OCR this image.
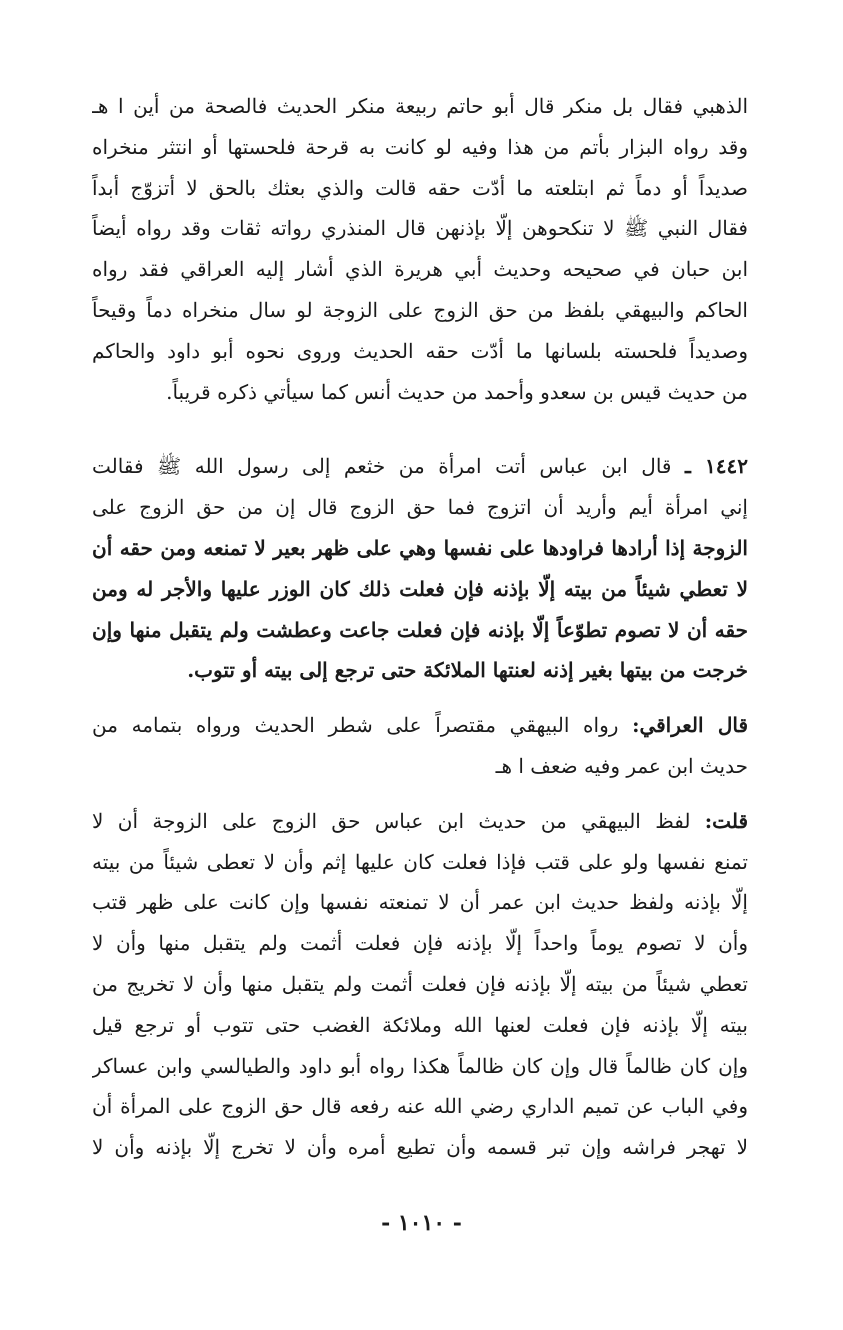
الذهبي فقال بل منكر قال أبو حاتم ربيعة منكر الحديث فالصحة من أين ا هـ
وقد رواه البزار بأتم من هذا وفيه لو كانت به قرحة فلحستها أو انتثر منخراه
صديداً أو دماً ثم ابتلعته ما أدّت حقه قالت والذي بعثك بالحق لا أتزوّج أبداً
فقال النبي ﷺ لا تنكحوهن إلّا بإذنهن قال المنذري رواته ثقات وقد رواه أيضاً
ابن حبان في صحيحه وحديث أبي هريرة الذي أشار إليه العراقي فقد رواه
الحاكم والبيهقي بلفظ من حق الزوج على الزوجة لو سال منخراه دماً وقيحاً
وصديداً فلحسته بلسانها ما أدّت حقه الحديث وروى نحوه أبو داود والحاكم
من حديث قيس بن سعدو وأحمد من حديث أنس كما سيأتي ذكره قريباً.
١٤٤٢ ـ قال ابن عباس أتت امرأة من خثعم إلى رسول الله ﷺ فقالت
إني امرأة أيم وأريد أن اتزوج فما حق الزوج قال إن من حق الزوج على
الزوجة إذا أرادها فراودها على نفسها وهي على ظهر بعير لا تمنعه ومن حقه أن
لا تعطي شيئاً من بيته إلّا بإذنه فإن فعلت ذلك كان الوزر عليها والأجر له ومن
حقه أن لا تصوم تطوّعاً إلّا بإذنه فإن فعلت جاعت وعطشت ولم يتقبل منها وإن
خرجت من بيتها بغير إذنه لعنتها الملائكة حتى ترجع إلى بيته أو تتوب.
قال العراقي: رواه البيهقي مقتصراً على شطر الحديث ورواه بتمامه من
حديث ابن عمر وفيه ضعف ا هـ
قلت: لفظ البيهقي من حديث ابن عباس حق الزوج على الزوجة أن لا
تمنع نفسها ولو على قتب فإذا فعلت كان عليها إثم وأن لا تعطى شيئاً من بيته
إلّا بإذنه ولفظ حديث ابن عمر أن لا تمنعته نفسها وإن كانت على ظهر قتب
وأن لا تصوم يوماً واحداً إلّا بإذنه فإن فعلت أثمت ولم يتقبل منها وأن لا
تعطي شيئاً من بيته إلّا بإذنه فإن فعلت أثمت ولم يتقبل منها وأن لا تخريج من
بيته إلّا بإذنه فإن فعلت لعنها الله وملائكة الغضب حتى تتوب أو ترجع قيل
وإن كان ظالماً قال وإن كان ظالماً هكذا رواه أبو داود والطيالسي وابن عساكر
وفي الباب عن تميم الداري رضي الله عنه رفعه قال حق الزوج على المرأة أن
لا تهجر فراشه وإن تبر قسمه وأن تطيع أمره وأن لا تخرج إلّا بإذنه وأن لا
- ١٠١٠ -
